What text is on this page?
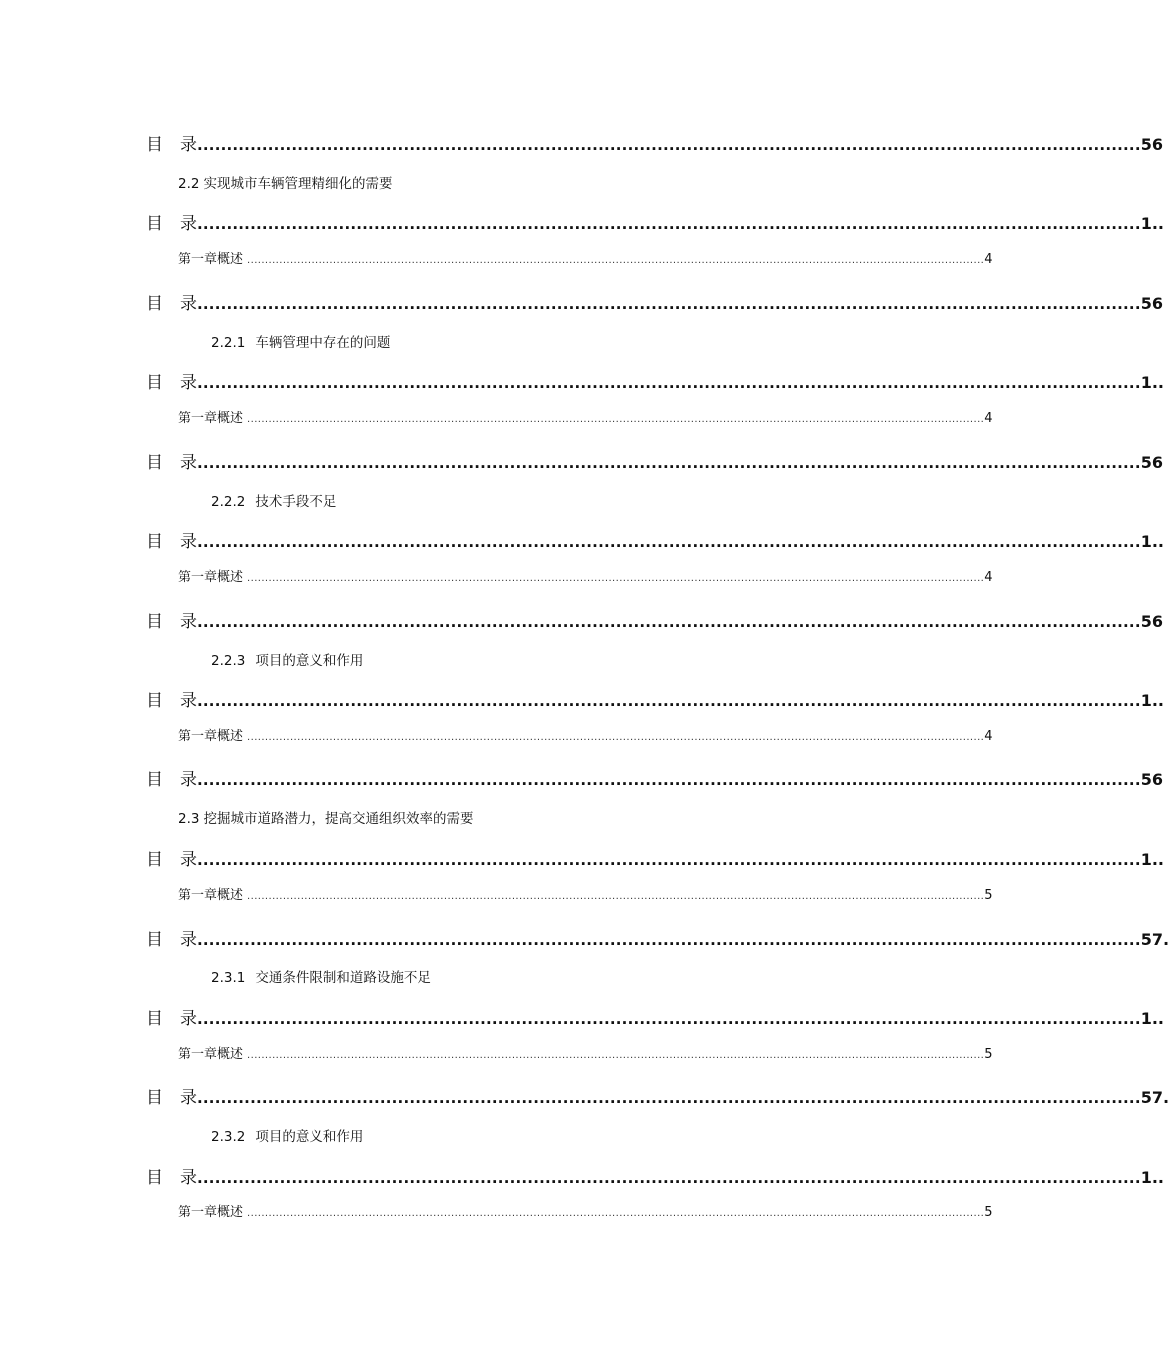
目　录 ................................................................................................................................................................ 56
2.2 实现城市车辆管理精细化的需要
目　录 ................................................................................................................................................................ 1..
第一章 概述 .............................................................................................................................................................................................................. 4
目　录 ................................................................................................................................................................ 56
2.2.1 车辆管理中存在的问题
目　录 ................................................................................................................................................................ 1..
第一章 概述 .............................................................................................................................................................................................................. 4
目　录 ................................................................................................................................................................ 56
2.2.2 技术手段不足
目　录 ................................................................................................................................................................ 1..
第一章 概述 .............................................................................................................................................................................................................. 4
目　录 ................................................................................................................................................................ 56
2.2.3 项目的意义和作用
目　录 ................................................................................................................................................................ 1..
第一章 概述 .............................................................................................................................................................................................................. 4
目　录 ................................................................................................................................................................ 56
2.3 挖掘城市道路潜力，提高交通组织效率的需要
目　录 ................................................................................................................................................................ 1..
第一章 概述 .............................................................................................................................................................................................................. 5
目　录 ................................................................................................................................................................ 57.
2.3.1 交通条件限制和道路设施不足
目　录 ................................................................................................................................................................ 1..
第一章 概述 .............................................................................................................................................................................................................. 5
目　录 ................................................................................................................................................................ 57.
2.3.2 项目的意义和作用
目　录 ................................................................................................................................................................ 1..
第一章 概述 .............................................................................................................................................................................................................. 5
